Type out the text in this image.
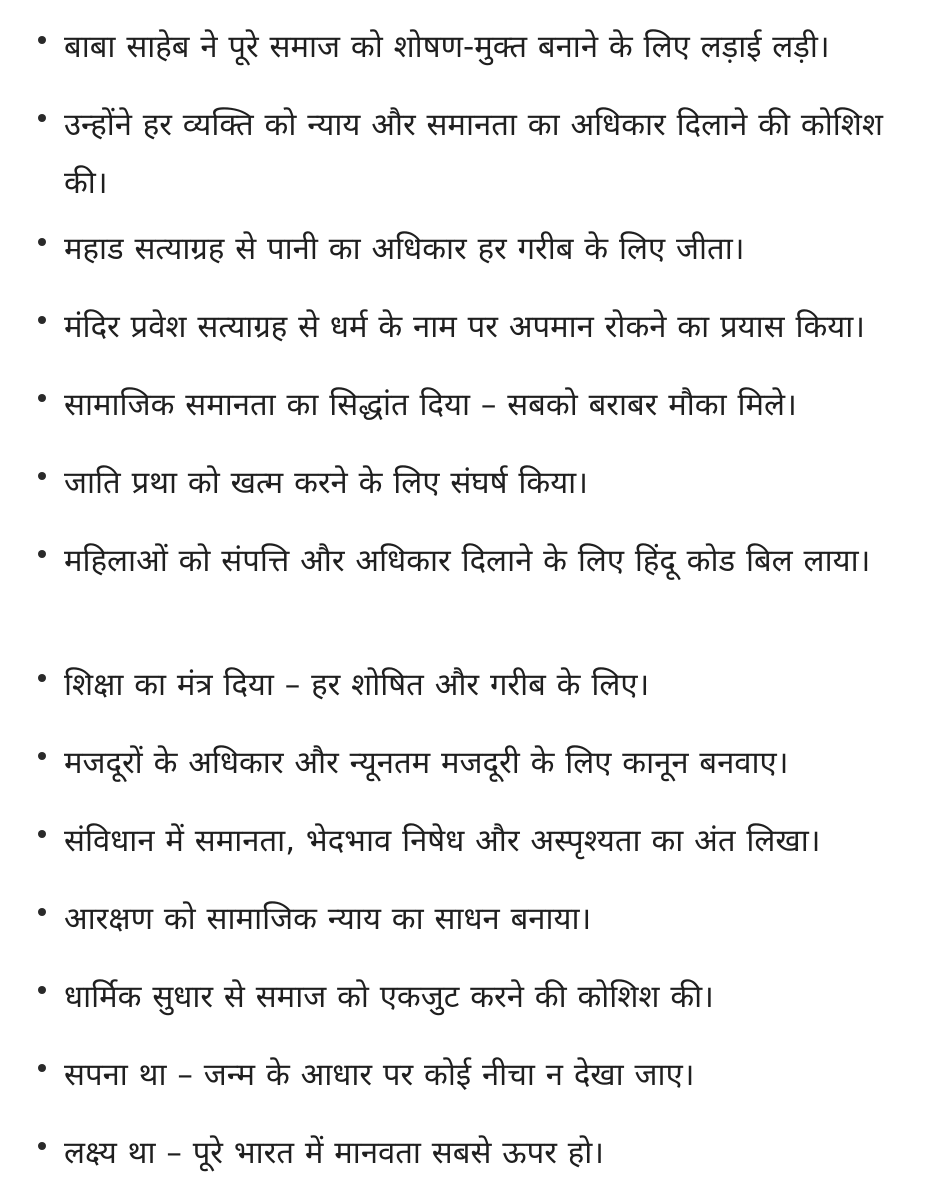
बाबा साहेब ने पूरे समाज को शोषण-मुक्त बनाने के लिए लड़ाई लड़ी।
उन्होंने हर व्यक्ति को न्याय और समानता का अधिकार दिलाने की कोशिश की।
महाड सत्याग्रह से पानी का अधिकार हर गरीब के लिए जीता।
मंदिर प्रवेश सत्याग्रह से धर्म के नाम पर अपमान रोकने का प्रयास किया।
सामाजिक समानता का सिद्धांत दिया – सबको बराबर मौका मिले।
जाति प्रथा को खत्म करने के लिए संघर्ष किया।
महिलाओं को संपत्ति और अधिकार दिलाने के लिए हिंदू कोड बिल लाया।
शिक्षा का मंत्र दिया – हर शोषित और गरीब के लिए।
मजदूरों के अधिकार और न्यूनतम मजदूरी के लिए कानून बनवाए।
संविधान में समानता, भेदभाव निषेध और अस्पृश्यता का अंत लिखा।
आरक्षण को सामाजिक न्याय का साधन बनाया।
धार्मिक सुधार से समाज को एकजुट करने की कोशिश की।
सपना था – जन्म के आधार पर कोई नीचा न देखा जाए।
लक्ष्य था – पूरे भारत में मानवता सबसे ऊपर हो।
